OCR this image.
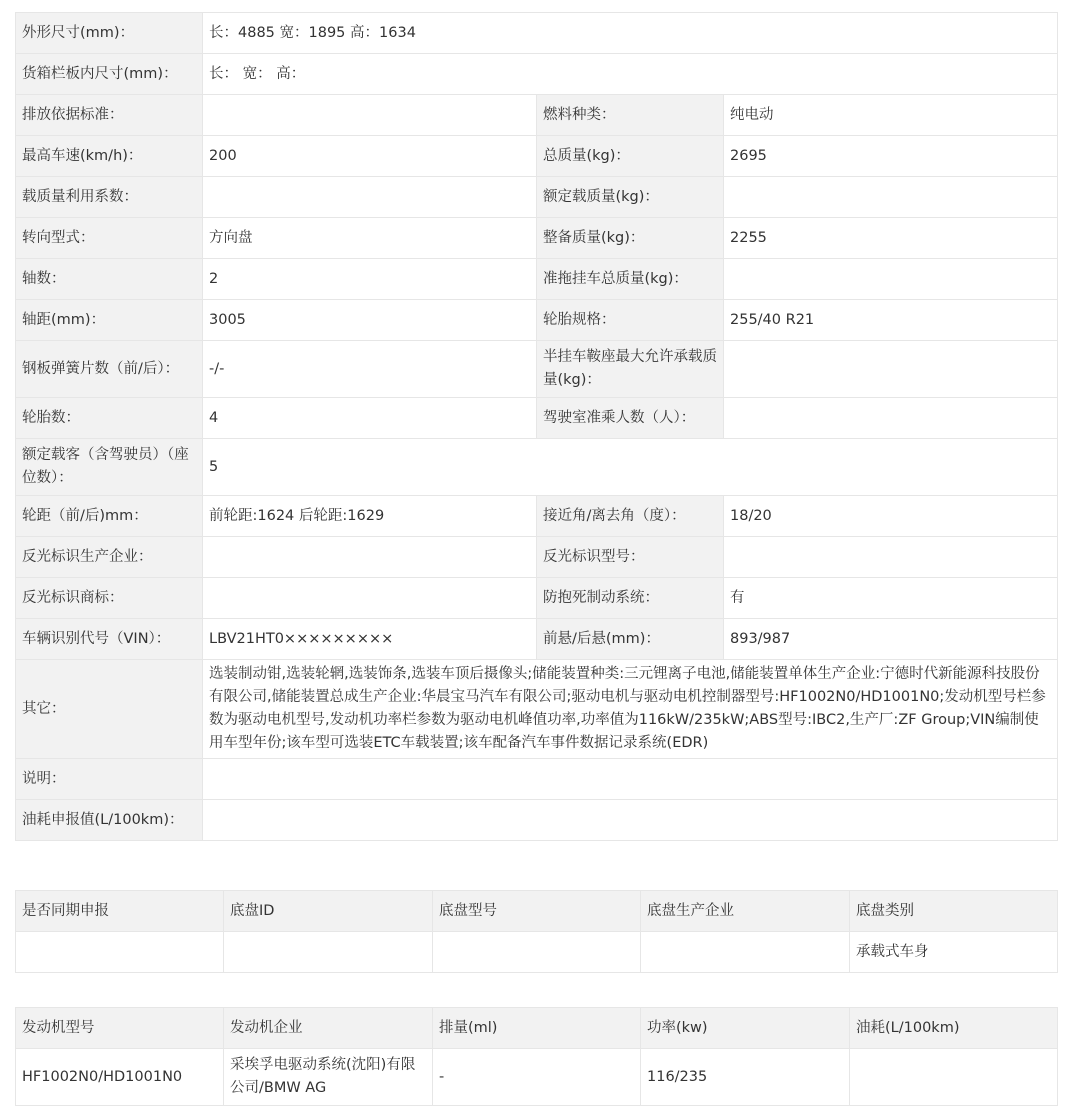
外形尺寸(mm)：	长：4885 宽：1895 高：1634		
货箱栏板内尺寸(mm)：	长： 宽： 高：		
排放依据标准：		燃料种类：	纯电动
最高车速(km/h)：	200	总质量(kg)：	2695
载质量利用系数：		额定载质量(kg)：	
转向型式：	方向盘	整备质量(kg)：	2255
轴数：	2	准拖挂车总质量(kg)：	
轴距(mm)：	3005	轮胎规格：	255/40 R21
钢板弹簧片数（前/后）：	-/-	半挂车鞍座最大允许承载质量(kg)：	
轮胎数：	4	驾驶室准乘人数（人）：	
额定载客（含驾驶员）（座位数）：	5		
轮距（前/后)mm：	前轮距:1624 后轮距:1629	接近角/离去角（度）：	18/20
反光标识生产企业：		反光标识型号：	
反光标识商标：		防抱死制动系统：	有
车辆识别代号（VIN）：	LBV21HT0×××××××××	前悬/后悬(mm)：	893/987
其它：	选装制动钳,选装轮辋,选装饰条,选装车顶后摄像头;储能装置种类:三元锂离子电池,储能装置单体生产企业:宁德时代新能源科技股份有限公司,储能装置总成生产企业:华晨宝马汽车有限公司;驱动电机与驱动电机控制器型号:HF1002N0/HD1001N0;发动机型号栏参数为驱动电机型号,发动机功率栏参数为驱动电机峰值功率,功率值为116kW/235kW;ABS型号:IBC2,生产厂:ZF Group;VIN编制使用车型年份;该车型可选装ETC车载装置;该车配备汽车事件数据记录系统(EDR)		
说明：			
油耗申报值(L/100km)：			
是否同期申报	底盘ID	底盘型号	底盘生产企业	底盘类别
				承载式车身
发动机型号	发动机企业	排量(ml)	功率(kw)	油耗(L/100km)
HF1002N0/HD1001N0	采埃孚电驱动系统(沈阳)有限公司/BMW AG	-	116/235	
